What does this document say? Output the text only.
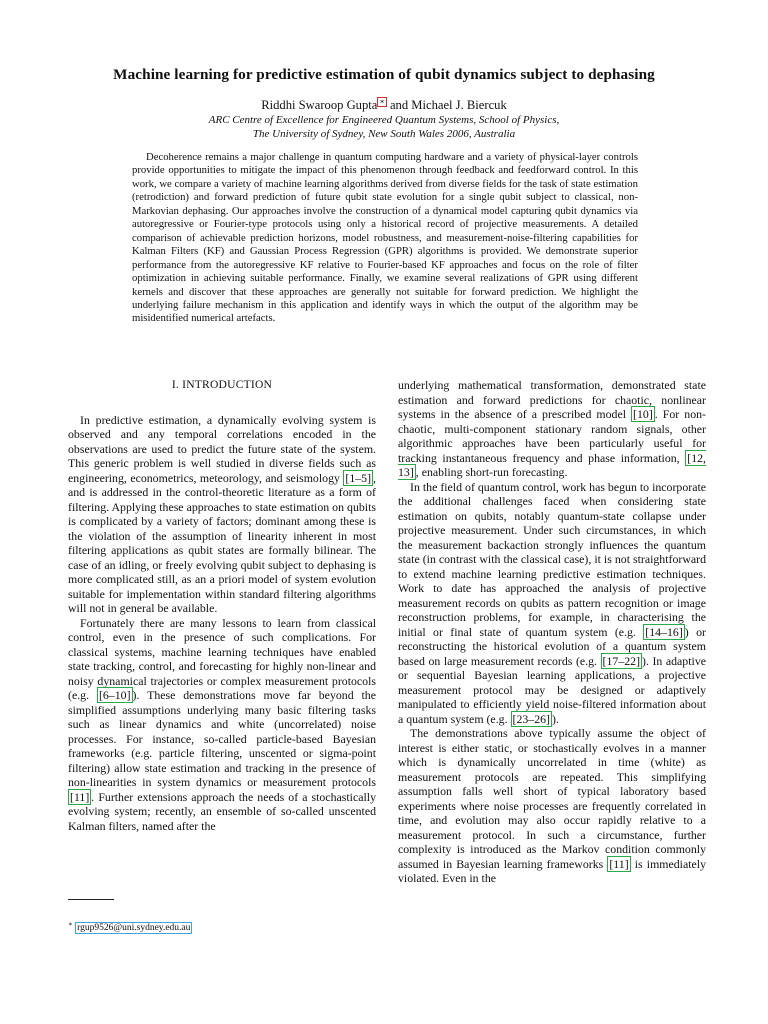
Machine learning for predictive estimation of qubit dynamics subject to dephasing
Riddhi Swaroop Gupta ∗ and Michael J. Biercuk
ARC Centre of Excellence for Engineered Quantum Systems, School of Physics,
The University of Sydney, New South Wales 2006, Australia
Decoherence remains a major challenge in quantum computing hardware and a variety of physical-layer controls provide opportunities to mitigate the impact of this phenomenon through feedback and feedforward control. In this work, we compare a variety of machine learning algorithms derived from diverse fields for the task of state estimation (retrodiction) and forward prediction of future qubit state evolution for a single qubit subject to classical, non-Markovian dephasing. Our approaches involve the construction of a dynamical model capturing qubit dynamics via autoregressive or Fourier-type protocols using only a historical record of projective measurements. A detailed comparison of achievable prediction horizons, model robustness, and measurement-noise-filtering capabilities for Kalman Filters (KF) and Gaussian Process Regression (GPR) algorithms is provided. We demonstrate superior performance from the autoregressive KF relative to Fourier-based KF approaches and focus on the role of filter optimization in achieving suitable performance. Finally, we examine several realizations of GPR using different kernels and discover that these approaches are generally not suitable for forward prediction. We highlight the underlying failure mechanism in this application and identify ways in which the output of the algorithm may be misidentified numerical artefacts.
I. INTRODUCTION

In predictive estimation, a dynamically evolving system is observed and any temporal correlations encoded in the observations are used to predict the future state of the system. This generic problem is well studied in diverse fields such as engineering, econometrics, meteorology, and seismology [1–5] , and is addressed in the control-theoretic literature as a form of filtering. Applying these approaches to state estimation on qubits is complicated by a variety of factors; dominant among these is the violation of the assumption of linearity inherent in most filtering applications as qubit states are formally bilinear. The case of an idling, or freely evolving qubit subject to dephasing is more complicated still, as an a priori model of system evolution suitable for implementation within standard filtering algorithms will not in general be available.

Fortunately there are many lessons to learn from classical control, even in the presence of such complications. For classical systems, machine learning techniques have enabled state tracking, control, and forecasting for highly non-linear and noisy dynamical trajectories or complex measurement protocols (e.g. [6–10] ). These demonstrations move far beyond the simplified assumptions underlying many basic filtering tasks such as linear dynamics and white (uncorrelated) noise processes. For instance, so-called particle-based Bayesian frameworks (e.g. particle filtering, unscented or sigma-point filtering) allow state estimation and tracking in the presence of non-linearities in system dynamics or measurement protocols [11] . Further extensions approach the needs of a stochastically evolving system; recently, an ensemble of so-called unscented Kalman filters, named after the

underlying mathematical transformation, demonstrated state estimation and forward predictions for chaotic, nonlinear systems in the absence of a prescribed model [10] . For non-chaotic, multi-component stationary random signals, other algorithmic approaches have been particularly useful for tracking instantaneous frequency and phase information, [12, 13] , enabling short-run forecasting.

In the field of quantum control, work has begun to incorporate the additional challenges faced when considering state estimation on qubits, notably quantum-state collapse under projective measurement. Under such circumstances, in which the measurement backaction strongly influences the quantum state (in contrast with the classical case), it is not straightforward to extend machine learning predictive estimation techniques. Work to date has approached the analysis of projective measurement records on qubits as pattern recognition or image reconstruction problems, for example, in characterising the initial or final state of quantum system (e.g. [14–16] ) or reconstructing the historical evolution of a quantum system based on large measurement records (e.g. [17–22] ). In adaptive or sequential Bayesian learning applications, a projective measurement protocol may be designed or adaptively manipulated to efficiently yield noise-filtered information about a quantum system (e.g. [23–26] ).

The demonstrations above typically assume the object of interest is either static, or stochastically evolves in a manner which is dynamically uncorrelated in time (white) as measurement protocols are repeated. This simplifying assumption falls well short of typical laboratory based experiments where noise processes are frequently correlated in time, and evolution may also occur rapidly relative to a measurement protocol. In such a circumstance, further complexity is introduced as the Markov condition commonly assumed in Bayesian learning frameworks [11] is immediately violated. Even in the

∗ rgup9526@uni.sydney.edu.au
